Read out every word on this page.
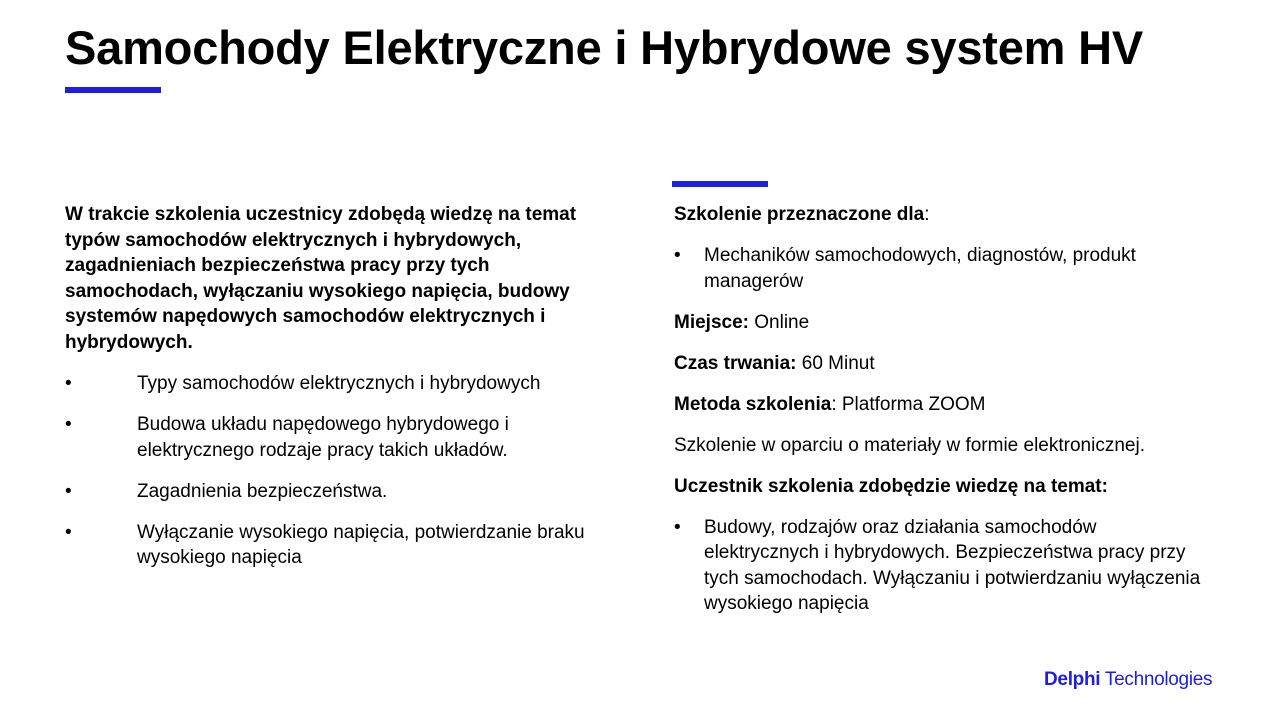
Samochody Elektryczne i Hybrydowe system HV

W trakcie szkolenia uczestnicy zdobędą wiedzę na temat typów samochodów elektrycznych i hybrydowych, zagadnieniach bezpieczeństwa pracy przy tych samochodach, wyłączaniu wysokiego napięcia, budowy systemów napędowych samochodów elektrycznych i hybrydowych.

•	Typy samochodów elektrycznych i hybrydowych
•	Budowa układu napędowego hybrydowego i elektrycznego rodzaje pracy takich układów.
•	Zagadnienia bezpieczeństwa.
•	Wyłączanie wysokiego napięcia, potwierdzanie braku wysokiego napięcia

Szkolenie przeznaczone dla:

• Mechaników samochodowych, diagnostów, produkt managerów

Miejsce: Online

Czas trwania: 60 Minut

Metoda szkolenia: Platforma ZOOM

Szkolenie w oparciu o materiały w formie elektronicznej.

Uczestnik szkolenia zdobędzie wiedzę na temat:

• Budowy, rodzajów oraz działania samochodów elektrycznych i hybrydowych. Bezpieczeństwa pracy przy tych samochodach. Wyłączaniu i potwierdzaniu wyłączenia wysokiego napięcia
Delphi Technologies
